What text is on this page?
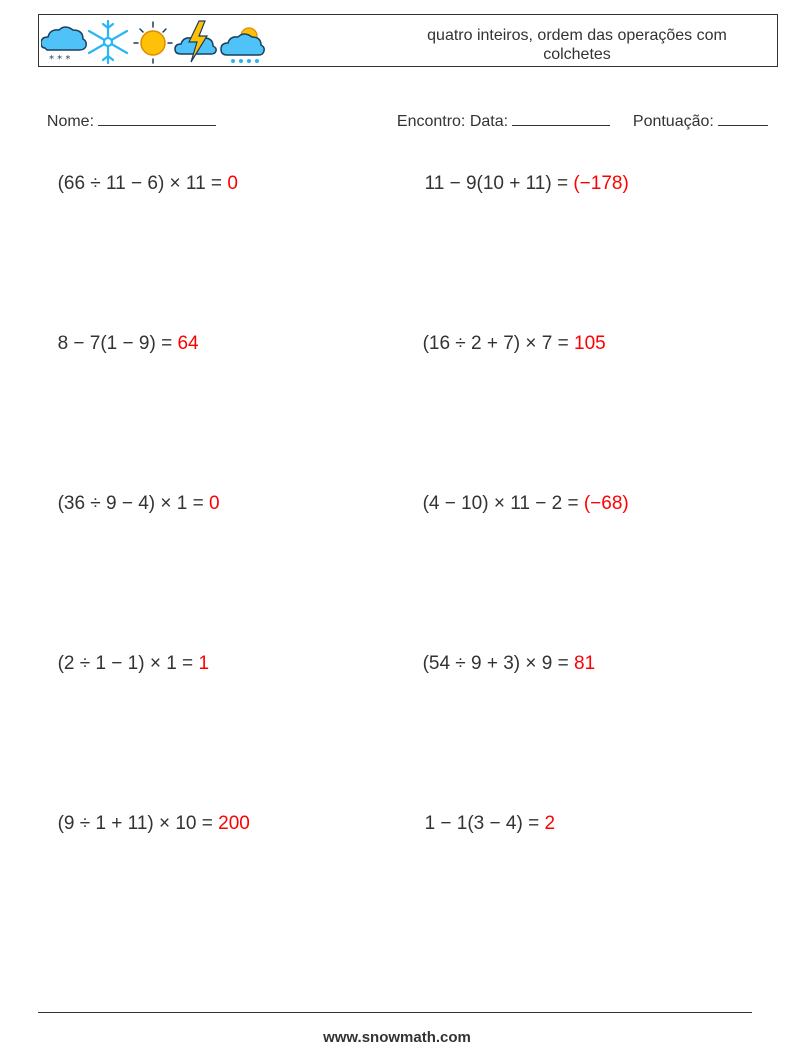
* * *
quatro inteiros, ordem das operações com colchetes

Nome:	Encontro: Data:	Pontuação:

(66 ÷ 11 − 6) × 11 = 0	11 − 9(10 + 11) = (−178)

8 − 7(1 − 9) = 64	(16 ÷ 2 + 7) × 7 = 105

(36 ÷ 9 − 4) × 1 = 0	(4 − 10) × 11 − 2 = (−68)

(2 ÷ 1 − 1) × 1 = 1	(54 ÷ 9 + 3) × 9 = 81

(9 ÷ 1 + 11) × 10 = 200	1 − 1(3 − 4) = 2

www.snowmath.com
